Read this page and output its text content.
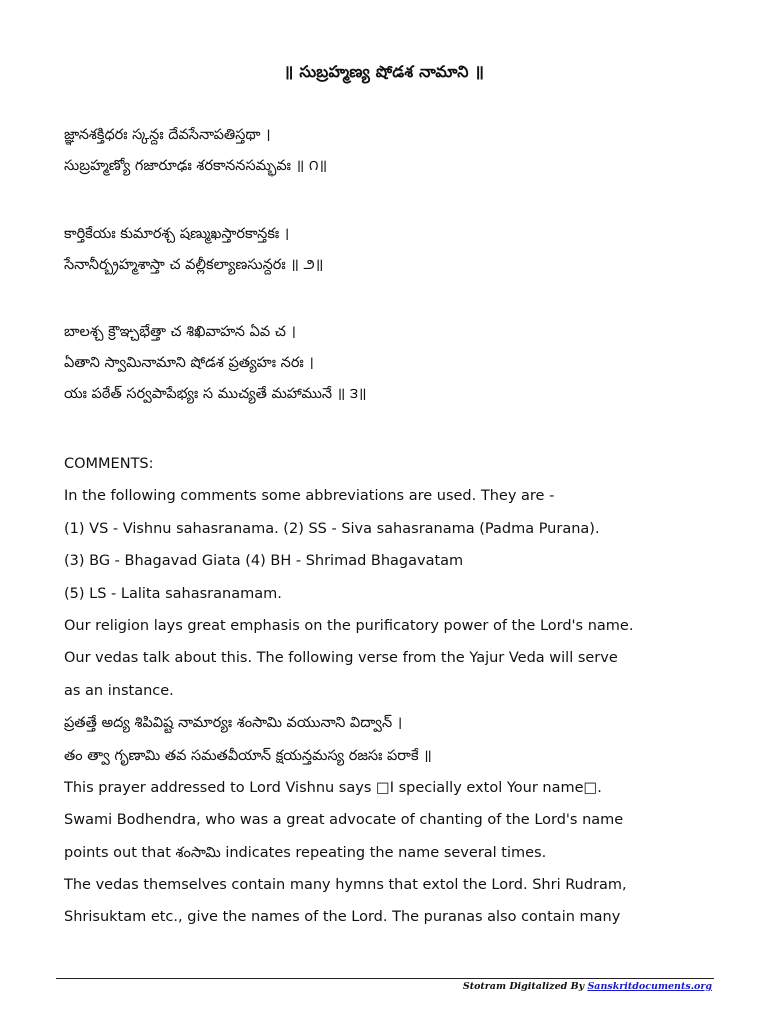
॥ సుబ్రహ్మణ్య షోడశ నామాని ॥
జ్ఞానశక్తిధరః స్కన్దః దేవసేనాపతిస్తథా ।
సుబ్రహ్మణ్యో గజారూఢః శరకాననసమ్భవః ॥ ౧॥
కార్తికేయః కుమారశ్చ షణ్ముఖస్తారకాన్తకః ।
సేనానీర్బ్రహ్మశాస్తా చ వల్లీకల్యాణసున్దరః ॥ ౨॥
బాలశ్చ క్రౌఞ్చభేత్తా చ శిఖివాహన ఏవ చ ।
ఏతాని స్వామినామాని షోడశ ప్రత్యహః నరః ।
యః పఠేత్ సర్వపాపేభ్యః స ముచ్యతే మహామునే ॥ ౩॥
COMMENTS:
In the following comments some abbreviations are used. They are -
(1) VS - Vishnu sahasranama. (2) SS - Siva sahasranama (Padma Purana).
(3) BG - Bhagavad Giata (4) BH - Shrimad Bhagavatam
(5) LS - Lalita sahasranamam.
Our religion lays great emphasis on the purificatory power of the Lord's name.
Our vedas talk about this. The following verse from the Yajur Veda will serve
as an instance.
ప్రతత్తే అద్య శిపివిష్ట నామార్యః శంసామి వయునాని విద్వాన్ ।
తం త్వా గృణామి తవ సమతవీయాన్ క్షయన్తమస్య రజసః పరాకే ॥
This prayer addressed to Lord Vishnu says □I specially extol Your name□.
Swami Bodhendra, who was a great advocate of chanting of the Lord's name
points out that శంసామి indicates repeating the name several times.
The vedas themselves contain many hymns that extol the Lord. Shri Rudram,
Shrisuktam etc., give the names of the Lord. The puranas also contain many
Stotram Digitalized By Sanskritdocuments.org
